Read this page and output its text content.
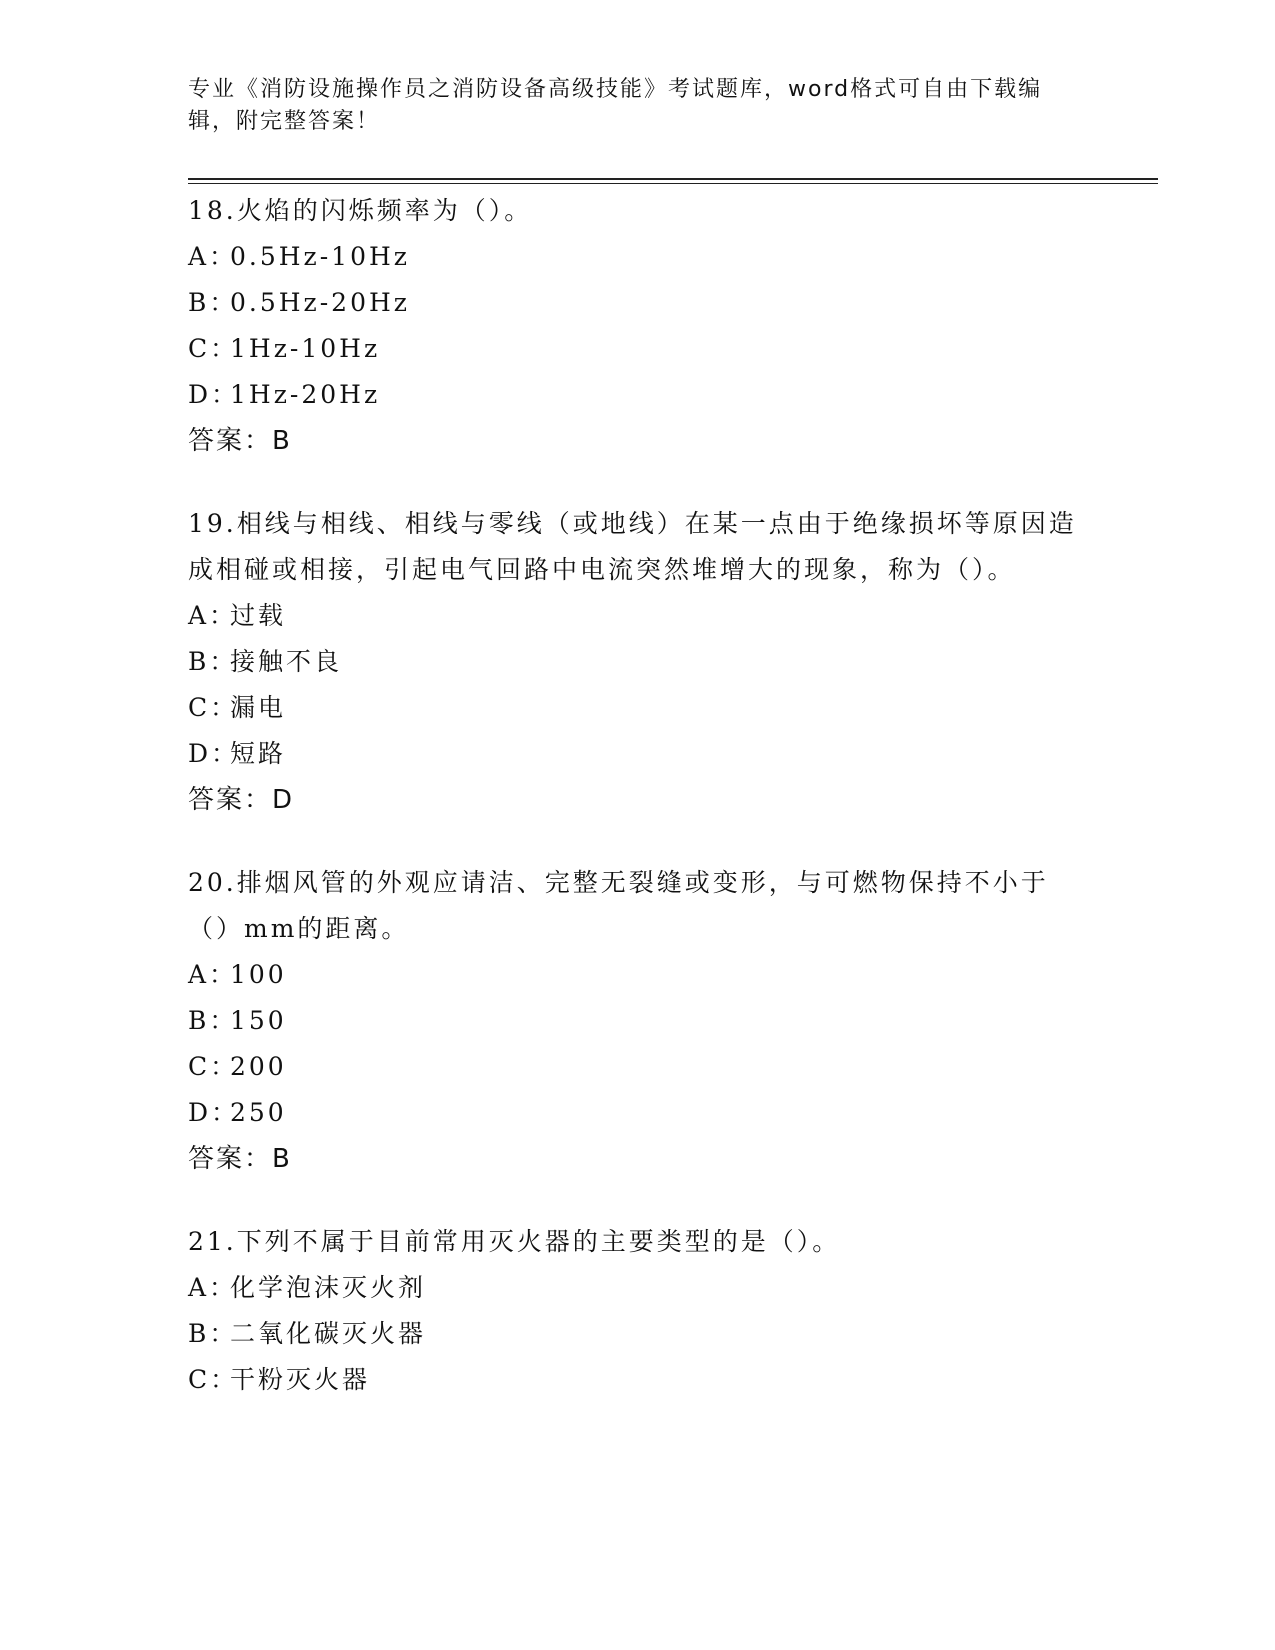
专业《消防设施操作员之消防设备高级技能》考试题库，word格式可自由下载编辑，附完整答案！
18.火焰的闪烁频率为（）。
A：
0.5Hz-10Hz
B：
0.5Hz-20Hz
C：
1Hz-10Hz
D：
1Hz-20Hz
答案：B
19.相线与相线、相线与零线（或地线）在某一点由于绝缘损坏等原因造成相碰或相接，引起电气回路中电流突然堆增大的现象，称为（）。
A：
过载
B：
接触不良
C：
漏电
D：
短路
答案：D
20.排烟风管的外观应请洁、完整无裂缝或变形，与可燃物保持不小于（）mm的距离。
A：
100
B：
150
C：
200
D：
250
答案：B
21.下列不属于目前常用灭火器的主要类型的是（）。
A：
化学泡沫灭火剂
B：
二氧化碳灭火器
C：
干粉灭火器
